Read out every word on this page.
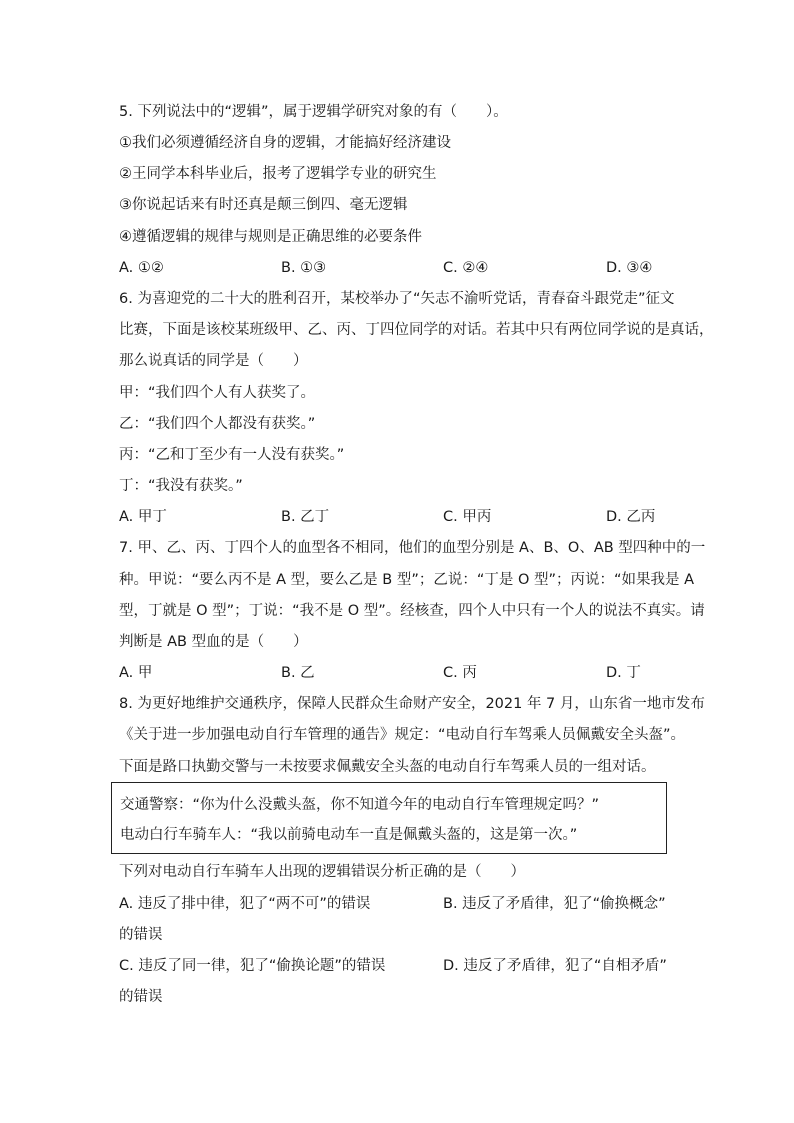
5. 下列说法中的“逻辑”，属于逻辑学研究对象的有（　　）。
①我们必须遵循经济自身的逻辑，才能搞好经济建设
②王同学本科毕业后，报考了逻辑学专业的研究生
③你说起话来有时还真是颠三倒四、毫无逻辑
④遵循逻辑的规律与规则是正确思维的必要条件
A. ①②	B. ①③	C. ②④	D. ③④
6. 为喜迎党的二十大的胜利召开，某校举办了“矢志不渝听党话，青春奋斗跟党走”征文
比赛，下面是该校某班级甲、乙、丙、丁四位同学的对话。若其中只有两位同学说的是真话，
那么说真话的同学是（　　）
甲：“我们四个人有人获奖了。
乙：“我们四个人都没有获奖。”
丙：“乙和丁至少有一人没有获奖。”
丁：“我没有获奖。”
A. 甲丁	B. 乙丁	C. 甲丙	D. 乙丙
7. 甲、乙、丙、丁四个人的血型各不相同，他们的血型分别是 A、B、O、AB 型四种中的一
种。甲说：“要么丙不是 A 型，要么乙是 B 型”；乙说：“丁是 O 型”；丙说：“如果我是 A
型，丁就是 O 型”；丁说：“我不是 O 型”。经核查，四个人中只有一个人的说法不真实。请
判断是 AB 型血的是（　　）
A. 甲	B. 乙	C. 丙	D. 丁
8. 为更好地维护交通秩序，保障人民群众生命财产安全，2021 年 7 月，山东省一地市发布
《关于进一步加强电动自行车管理的通告》规定：“电动自行车驾乘人员佩戴安全头盔”。
下面是路口执勤交警与一未按要求佩戴安全头盔的电动自行车驾乘人员的一组对话。
交通警察：“你为什么没戴头盔，你不知道今年的电动自行车管理规定吗？”
电动白行车骑车人：“我以前骑电动车一直是佩戴头盔的，这是第一次。”
下列对电动自行车骑车人出现的逻辑错误分析正确的是（　　）
A. 违反了排中律，犯了“两不可”的错误	B. 违反了矛盾律，犯了“偷换概念”
的错误
C. 违反了同一律，犯了“偷换论题”的错误	D. 违反了矛盾律，犯了“自相矛盾”
的错误
